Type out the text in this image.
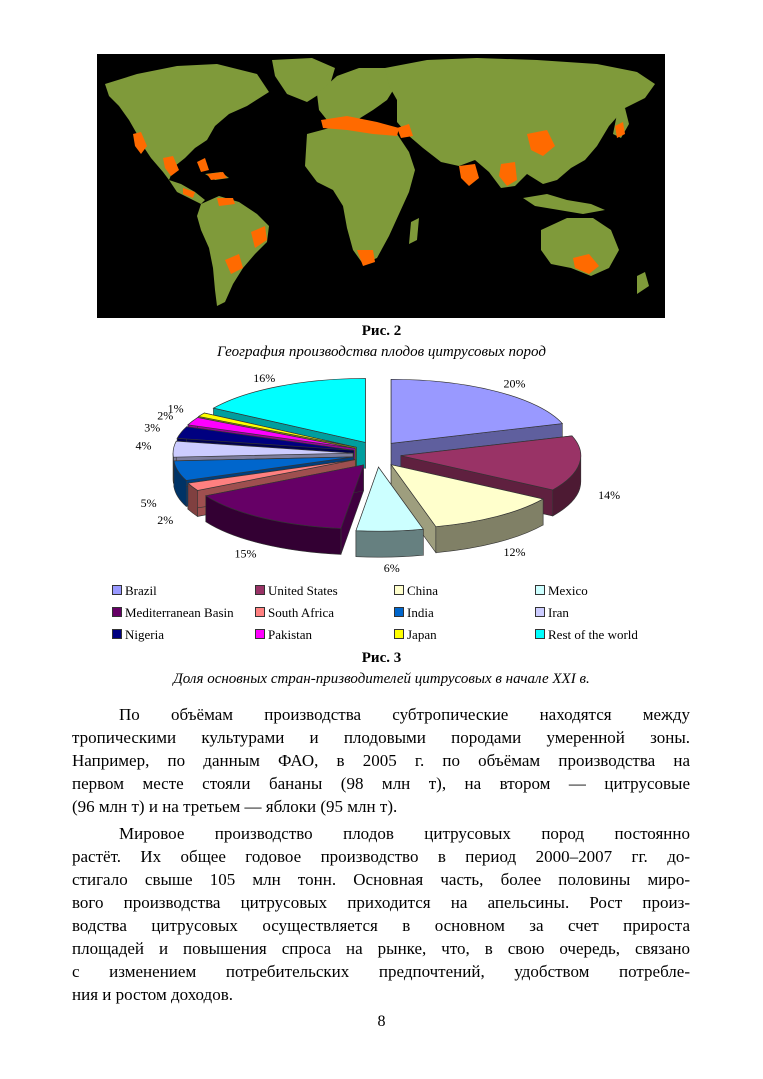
Рис. 2
География производства плодов цитрусовых пород
20%
14%
12%
6%
15%
2%
5%
4%
3%
2%
1%
16%
Brazil	United States	China	Mexico
Mediterranean Basin	South Africa	India	Iran
Nigeria	Pakistan	Japan	Rest of the world
Рис. 3
Доля основных стран-призводителей цитрусовых в начале XXI в.

По объёмам производства субтропические находятся между
тропическими культурами и плодовыми породами умеренной зоны.
Например, по данным ФАО, в 2005 г. по объёмам производства на
первом месте стояли бананы (98 млн т), на втором — цитрусовые
(96 млн т) и на третьем — яблоки (95 млн т).

Мировое производство плодов цитрусовых пород постоянно
растёт. Их общее годовое производство в период 2000–2007 гг. до-
стигало свыше 105 млн тонн. Основная часть, более половины миро-
вого производства цитрусовых приходится на апельсины. Рост произ-
водства цитрусовых осуществляется в основном за счет прироста
площадей и повышения спроса на рынке, что, в свою очередь, связано
с изменением потребительских предпочтений, удобством потребле-
ния и ростом доходов.

8
